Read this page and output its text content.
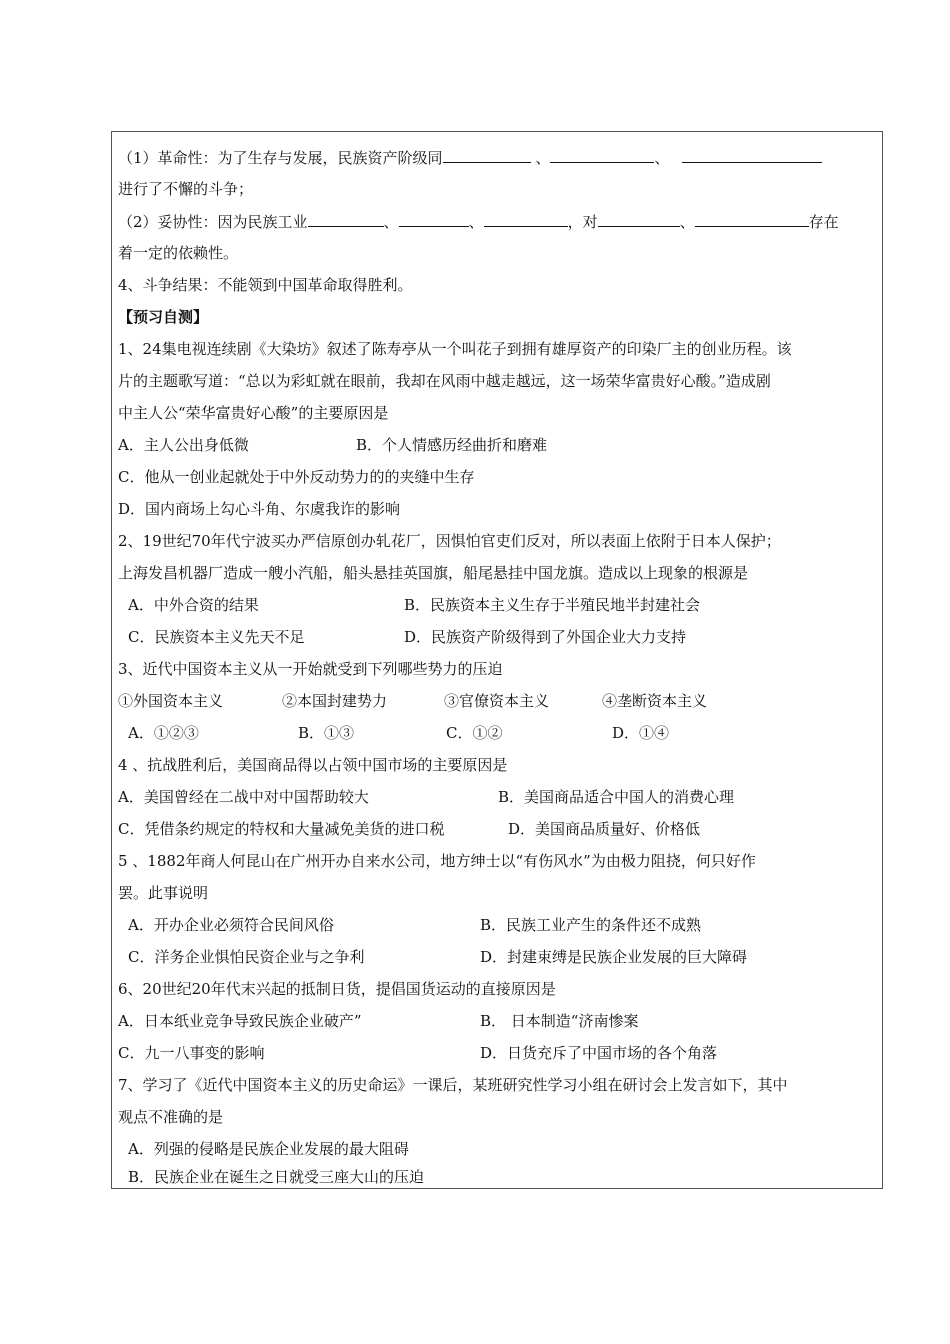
（1）革命性：为了生存与发展，民族资产阶级同	、	、
进行了不懈的斗争；
（2）妥协性：因为民族工业	、	、	，对	、	存在
着一定的依赖性。
4、斗争结果：不能领到中国革命取得胜利。
【预习自测】
1、24集电视连续剧《大染坊》叙述了陈寿亭从一个叫花子到拥有雄厚资产的印染厂主的创业历程。该
片的主题歌写道：“总以为彩虹就在眼前，我却在风雨中越走越远，这一场荣华富贵好心酸。”造成剧
中主人公“荣华富贵好心酸”的主要原因是
A．主人公出身低微	B．个人情感历经曲折和磨难
C．他从一创业起就处于中外反动势力的的夹缝中生存
D．国内商场上勾心斗角、尔虞我诈的影响
2、19世纪70年代宁波买办严信原创办轧花厂，因惧怕官吏们反对，所以表面上依附于日本人保护；
上海发昌机器厂造成一艘小汽船，船头悬挂英国旗，船尾悬挂中国龙旗。造成以上现象的根源是
A．中外合资的结果	B．民族资本主义生存于半殖民地半封建社会
C．民族资本主义先天不足	D．民族资产阶级得到了外国企业大力支持
3、近代中国资本主义从一开始就受到下列哪些势力的压迫
①外国资本主义	②本国封建势力	③官僚资本主义	④垄断资本主义
A．①②③	B．①③	C．①②	D．①④
4 、抗战胜利后，美国商品得以占领中国市场的主要原因是
A．美国曾经在二战中对中国帮助较大	B．美国商品适合中国人的消费心理
C．凭借条约规定的特权和大量减免美货的进口税	D．美国商品质量好、价格低
5 、1882年商人何昆山在广州开办自来水公司，地方绅士以“有伤风水”为由极力阻挠，何只好作
罢。此事说明
A．开办企业必须符合民间风俗	B．民族工业产生的条件还不成熟
C．洋务企业惧怕民资企业与之争利	D．封建束缚是民族企业发展的巨大障碍
6、20世纪20年代末兴起的抵制日货，提倡国货运动的直接原因是
A．日本纸业竞争导致民族企业破产”	B． 日本制造“济南惨案
C．九一八事变的影响	D．日货充斥了中国市场的各个角落
7、学习了《近代中国资本主义的历史命运》一课后，某班研究性学习小组在研讨会上发言如下，其中
观点不准确的是
A．列强的侵略是民族企业发展的最大阻碍
B．民族企业在诞生之日就受三座大山的压迫
